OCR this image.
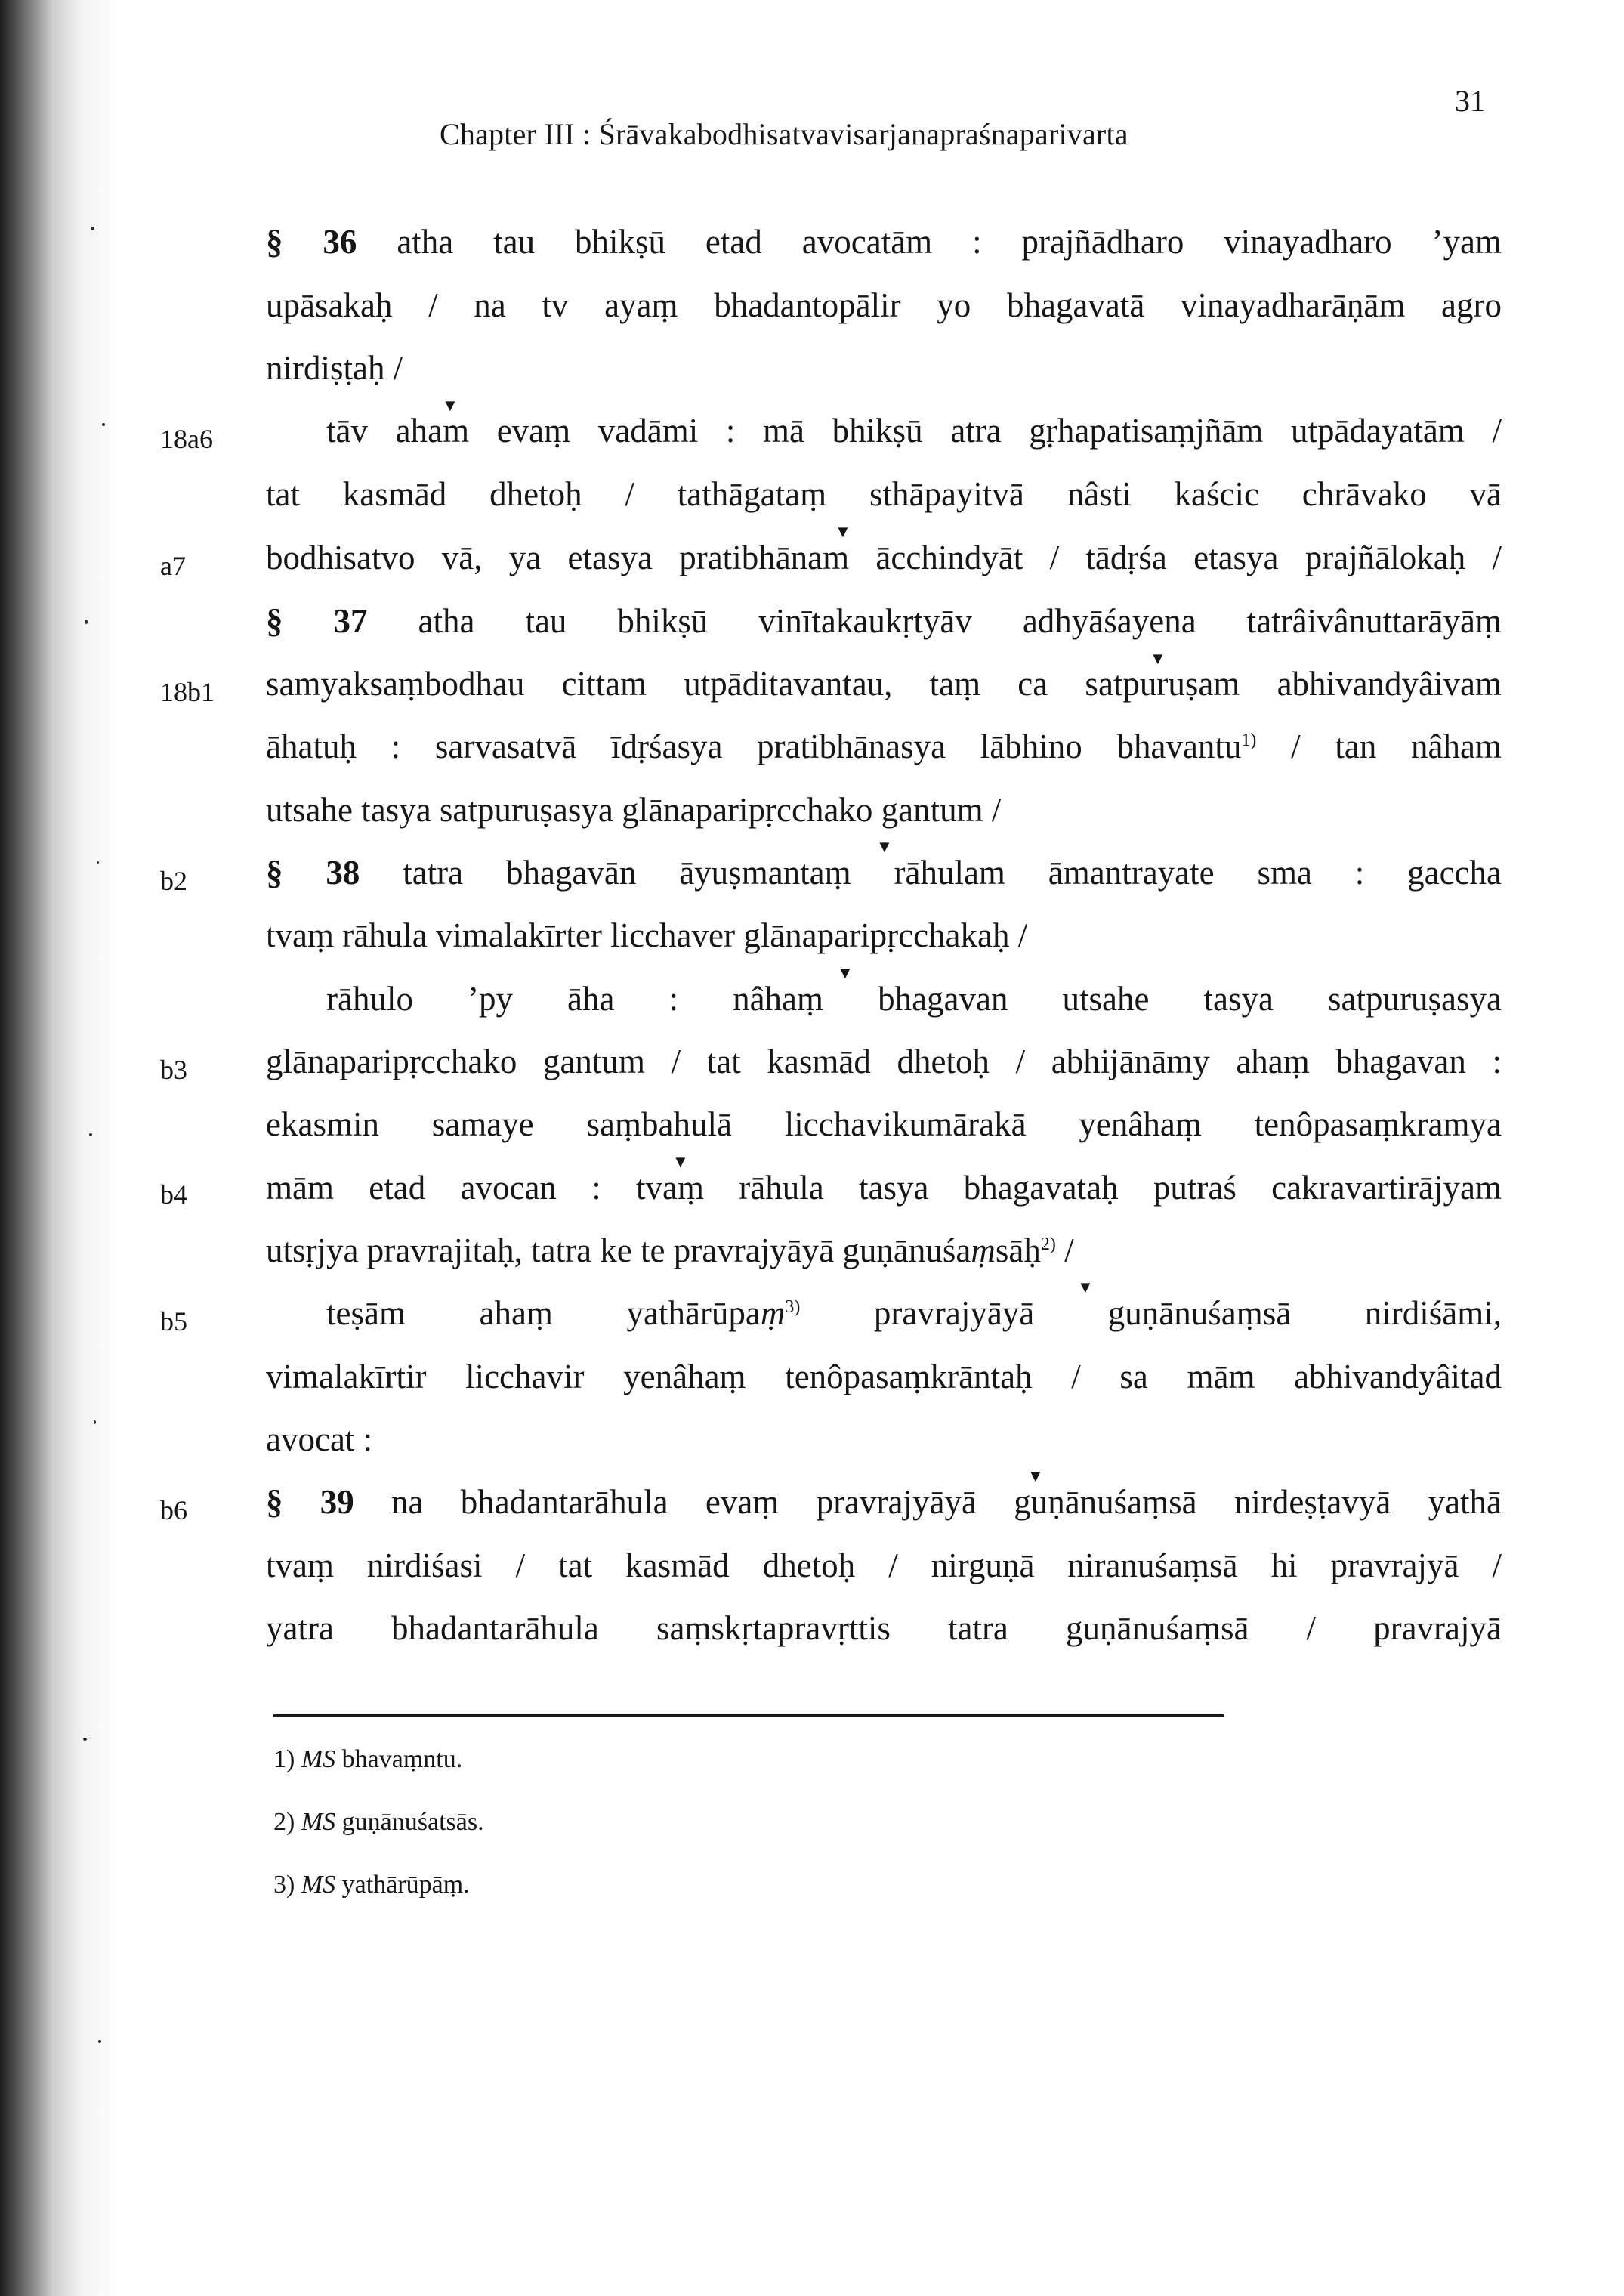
Chapter III : Śrāvakabodhisatvavisarjanapraśnaparivarta
31
18a6
a7
18b1
b2
b3
b4
b5
b6
§ 36 atha tau bhikṣū etad avocatām : prajñādharo vinayadharo ’yam
upāsakaḥ / na tv ayaṃ bhadantopālir yo bhagavatā vinayadharāṇām agro
nirdiṣṭaḥ /
tāv aham evaṃ vadāmi : mā bhikṣū atra gṛhapatisaṃjñām utpādayatām /
tat kasmād dhetoḥ / tathāgataṃ sthāpayitvā nâsti kaścic chrāvako vā
bodhisatvo vā, ya etasya pratibhānam ācchindyāt / tādṛśa etasya prajñālokaḥ /
§ 37 atha tau bhikṣū vinītakaukṛtyāv adhyāśayena tatrâivânuttarāyāṃ
samyaksaṃbodhau cittam utpāditavantau, taṃ ca satpuruṣam abhivandyâivam
āhatuḥ : sarvasatvā īdṛśasya pratibhānasya lābhino bhavantu$^{1)}$ / tan nâham
utsahe tasya satpuruṣasya glānaparipṛcchako gantum /
§ 38 tatra bhagavān āyuṣmantaṃ rāhulam āmantrayate sma : gaccha
tvaṃ rāhula vimalakīrter licchaver glānaparipṛcchakaḥ /
rāhulo ’py āha : nâhaṃ bhagavan utsahe tasya satpuruṣasya
glānaparipṛcchako gantum / tat kasmād dhetoḥ / abhijānāmy ahaṃ bhagavan :
ekasmin samaye saṃbahulā licchavikumārakā yenâhaṃ tenôpasaṃkramya
mām etad avocan : tvaṃ rāhula tasya bhagavataḥ putraś cakravartirājyam
utsṛjya pravrajitaḥ, tatra ke te pravrajyāyā guṇānuśaṃsāḥ$^{2)}$ /
teṣām ahaṃ yathārūpaṃ$^{3)}$ pravrajyāyā guṇānuśaṃsā nirdiśāmi,
vimalakīrtir licchavir yenâhaṃ tenôpasaṃkrāntaḥ / sa mām abhivandyâitad
avocat :
§ 39 na bhadantarāhula evaṃ pravrajyāyā guṇānuśaṃsā nirdeṣṭavyā yathā
tvaṃ nirdiśasi / tat kasmād dhetoḥ / nirguṇā niranuśaṃsā hi pravrajyā /
yatra bhadantarāhula saṃskṛtapravṛttis tatra guṇānuśaṃsā / pravrajyā
▼
▼
▼
▼
▼
▼
▼
▼
1) MS bhavaṃntu.
2) MS guṇānuśatsās.
3) MS yathārūpāṃ.
